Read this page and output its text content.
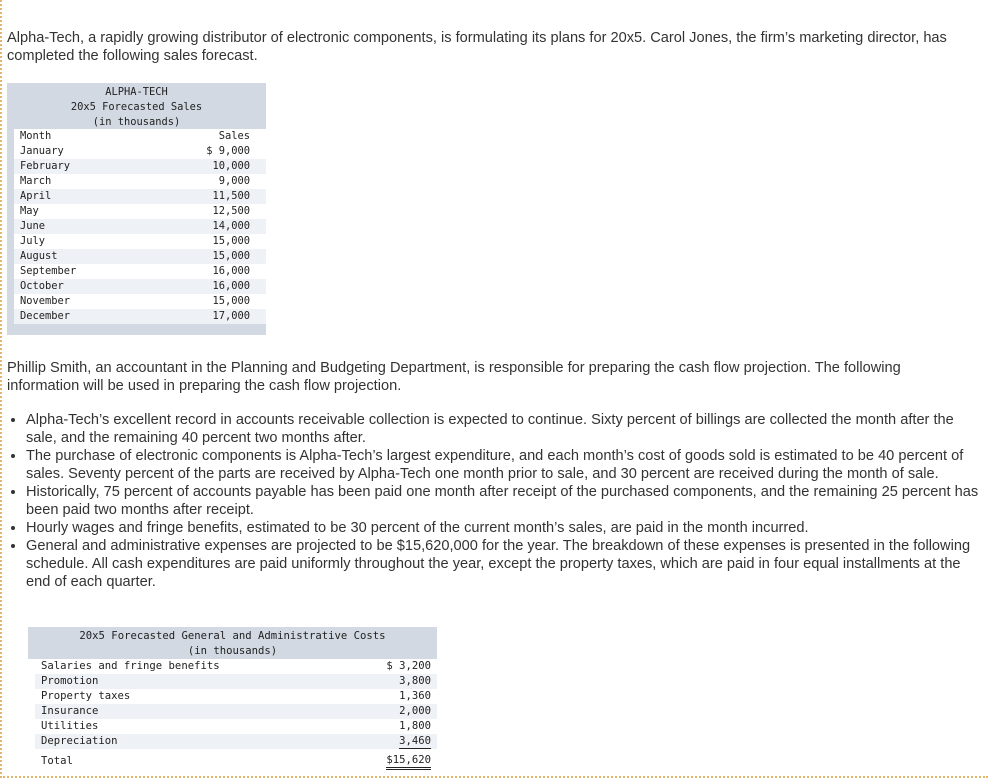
Alpha-Tech, a rapidly growing distributor of electronic components, is formulating its plans for 20x5. Carol Jones, the firm’s marketing director, has completed the following sales forecast.

ALPHA-TECH
20x5 Forecasted Sales
(in thousands)
Month	Sales
January	$ 9,000
February	10,000
March	9,000
April	11,500
May	12,500
June	14,000
July	15,000
August	15,000
September	16,000
October	16,000
November	15,000
December	17,000

Phillip Smith, an accountant in the Planning and Budgeting Department, is responsible for preparing the cash flow projection. The following information will be used in preparing the cash flow projection.

• Alpha-Tech’s excellent record in accounts receivable collection is expected to continue. Sixty percent of billings are collected the month after the sale, and the remaining 40 percent two months after.
• The purchase of electronic components is Alpha-Tech’s largest expenditure, and each month’s cost of goods sold is estimated to be 40 percent of sales. Seventy percent of the parts are received by Alpha-Tech one month prior to sale, and 30 percent are received during the month of sale.
• Historically, 75 percent of accounts payable has been paid one month after receipt of the purchased components, and the remaining 25 percent has been paid two months after receipt.
• Hourly wages and fringe benefits, estimated to be 30 percent of the current month’s sales, are paid in the month incurred.
• General and administrative expenses are projected to be $15,620,000 for the year. The breakdown of these expenses is presented in the following schedule. All cash expenditures are paid uniformly throughout the year, except the property taxes, which are paid in four equal installments at the end of each quarter.
20x5 Forecasted General and Administrative Costs
(in thousands)
Salaries and fringe benefits	$ 3,200
Promotion	3,800
Property taxes	1,360
Insurance	2,000
Utilities	1,800
Depreciation	3,460
Total	$15,620
